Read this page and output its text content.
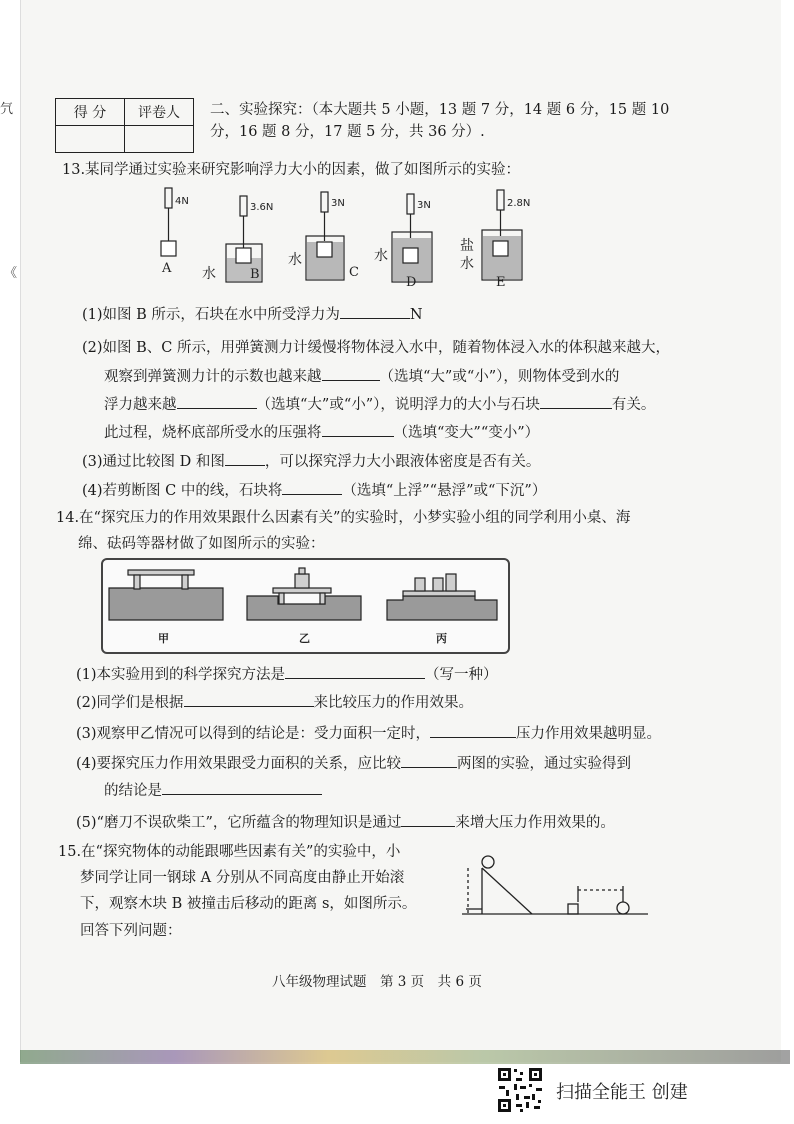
氕
《
得 分	评卷人
	二、实验探究：（本大题共 5 小题，13 题 7 分，14 题 6 分，15 题 10
分，16 题 8 分，17 题 5 分，共 36 分）.
13.某同学通过实验来研究影响浮力大小的因素，做了如图所示的实验：
4N
3.6N	3N	3N	2.8N
A	B	C
D	E
水
水	水
盐
水
(1)如图 B 所示，石块在水中所受浮力为	N
(2)如图 B、C 所示，用弹簧测力计缓慢将物体浸入水中，随着物体浸入水的体积越来越大，
观察到弹簧测力计的示数也越来越	（选填“大”或“小”），则物体受到水的
浮力越来越	（选填“大”或“小”），说明浮力的大小与石块	有关。
此过程，烧杯底部所受水的压强将	（选填“变大”“变小”）
(3)通过比较图 D 和图	，可以探究浮力大小跟液体密度是否有关。
(4)若剪断图 C 中的线，石块将	（选填“上浮”“悬浮”或“下沉”）
14.在“探究压力的作用效果跟什么因素有关”的实验时，小梦实验小组的同学利用小桌、海
绵、砝码等器材做了如图所示的实验：
甲	乙	丙
(1)本实验用到的科学探究方法是	（写一种）
(2)同学们是根据	来比较压力的作用效果。
(3)观察甲乙情况可以得到的结论是：受力面积一定时，	压力作用效果越明显。
(4)要探究压力作用效果跟受力面积的关系，应比较	两图的实验，通过实验得到
的结论是
(5)“磨刀不误砍柴工”，它所蕴含的物理知识是通过	来增大压力作用效果的。
15.在“探究物体的动能跟哪些因素有关”的实验中，小
梦同学让同一钢球 A 分别从不同高度由静止开始滚
下，观察木块 B 被撞击后移动的距离 s，如图所示。
回答下列问题：
八年级物理试题　第 3 页　共 6 页
扫描全能王 创建
